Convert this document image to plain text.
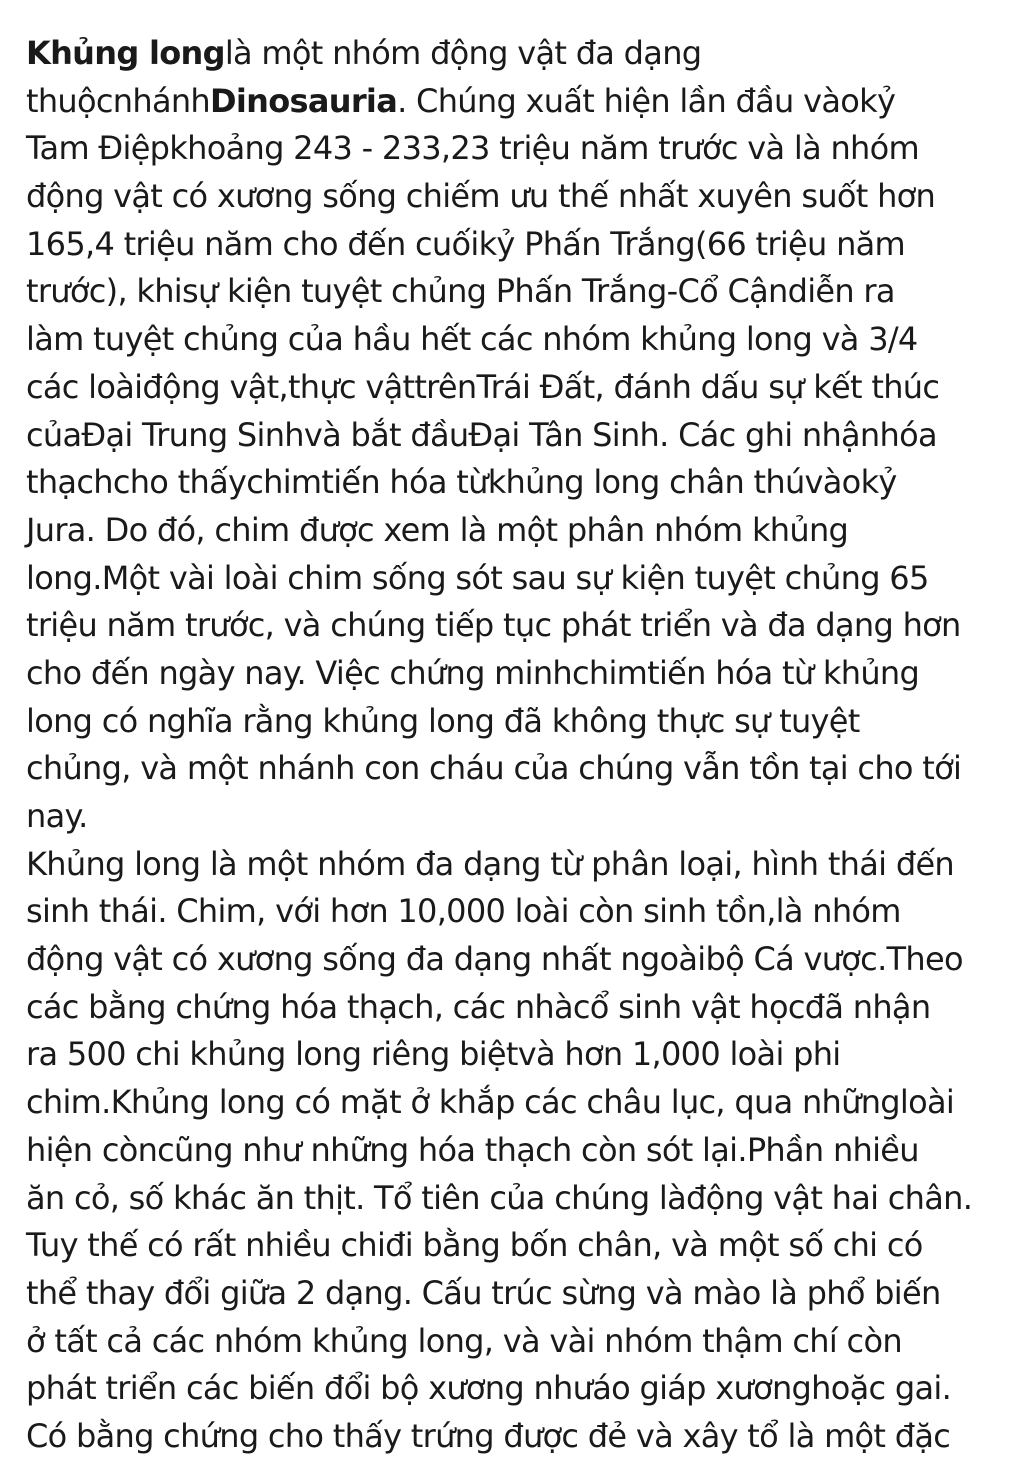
Khủng longlà một nhóm động vật đa dạng
thuộcnhánhDinosauria. Chúng xuất hiện lần đầu vàokỷ
Tam Điệpkhoảng 243 - 233,23 triệu năm trước và là nhóm
động vật có xương sống chiếm ưu thế nhất xuyên suốt hơn
165,4 triệu năm cho đến cuốikỷ Phấn Trắng(66 triệu năm
trước), khisự kiện tuyệt chủng Phấn Trắng-Cổ Cậndiễn ra
làm tuyệt chủng của hầu hết các nhóm khủng long và 3/4
các loàiđộng vật,thực vậttrênTrái Đất, đánh dấu sự kết thúc
củaĐại Trung Sinhvà bắt đầuĐại Tân Sinh. Các ghi nhậnhóa
thạchcho thấychimtiến hóa từkhủng long chân thúvàokỷ
Jura. Do đó, chim được xem là một phân nhóm khủng
long.Một vài loài chim sống sót sau sự kiện tuyệt chủng 65
triệu năm trước, và chúng tiếp tục phát triển và đa dạng hơn
cho đến ngày nay. Việc chứng minhchimtiến hóa từ khủng
long có nghĩa rằng khủng long đã không thực sự tuyệt
chủng, và một nhánh con cháu của chúng vẫn tồn tại cho tới
nay.
Khủng long là một nhóm đa dạng từ phân loại, hình thái đến
sinh thái. Chim, với hơn 10,000 loài còn sinh tồn,là nhóm
động vật có xương sống đa dạng nhất ngoàibộ Cá vược.Theo
các bằng chứng hóa thạch, các nhàcổ sinh vật họcđã nhận
ra 500 chi khủng long riêng biệtvà hơn 1,000 loài phi
chim.Khủng long có mặt ở khắp các châu lục, qua nhữngloài
hiện còncũng như những hóa thạch còn sót lại.Phần nhiều
ăn cỏ, số khác ăn thịt. Tổ tiên của chúng làđộng vật hai chân.
Tuy thế có rất nhiều chiđi bằng bốn chân, và một số chi có
thể thay đổi giữa 2 dạng. Cấu trúc sừng và mào là phổ biến
ở tất cả các nhóm khủng long, và vài nhóm thậm chí còn
phát triển các biến đổi bộ xương nhưáo giáp xươnghoặc gai.
Có bằng chứng cho thấy trứng được đẻ và xây tổ là một đặc
